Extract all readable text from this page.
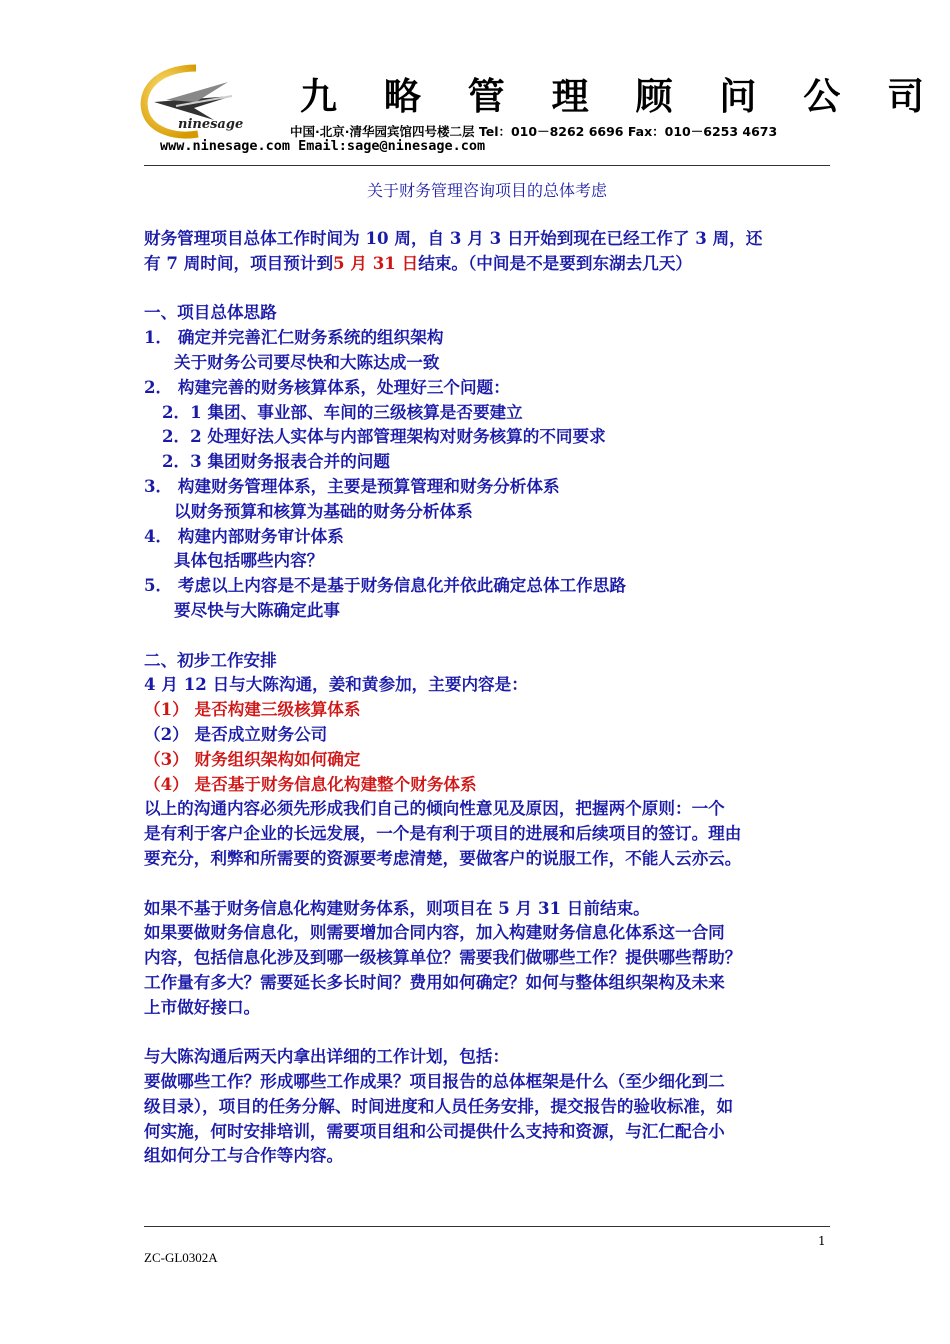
ninesage
九 略 管 理 顾 问 公 司
中国·北京·清华园宾馆四号楼二层 Tel：010－8262 6696 Fax：010－6253 4673
www.ninesage.com Email:sage@ninesage.com
关于财务管理咨询项目的总体考虑

财务管理项目总体工作时间为 10 周，自 3 月 3 日开始到现在已经工作了 3 周，还

有 7 周时间，项目预计到5 月 31 日结束。（中间是不是要到东湖去几天）

一、项目总体思路

1． 确定并完善汇仁财务系统的组织架构

关于财务公司要尽快和大陈达成一致

2． 构建完善的财务核算体系，处理好三个问题：

2．1 集团、事业部、车间的三级核算是否要建立

2．2 处理好法人实体与内部管理架构对财务核算的不同要求

2．3 集团财务报表合并的问题

3． 构建财务管理体系，主要是预算管理和财务分析体系

以财务预算和核算为基础的财务分析体系

4． 构建内部财务审计体系

具体包括哪些内容？

5． 考虑以上内容是不是基于财务信息化并依此确定总体工作思路

要尽快与大陈确定此事

二、初步工作安排

4 月 12 日与大陈沟通，姜和黄参加，主要内容是：

（1） 是否构建三级核算体系

（2） 是否成立财务公司

（3） 财务组织架构如何确定

（4） 是否基于财务信息化构建整个财务体系

以上的沟通内容必须先形成我们自己的倾向性意见及原因，把握两个原则：一个

是有利于客户企业的长远发展，一个是有利于项目的进展和后续项目的签订。理由

要充分，利弊和所需要的资源要考虑清楚，要做客户的说服工作，不能人云亦云。

如果不基于财务信息化构建财务体系，则项目在 5 月 31 日前结束。

如果要做财务信息化，则需要增加合同内容，加入构建财务信息化体系这一合同

内容，包括信息化涉及到哪一级核算单位？需要我们做哪些工作？提供哪些帮助？

工作量有多大？需要延长多长时间？费用如何确定？如何与整体组织架构及未来

上市做好接口。

与大陈沟通后两天内拿出详细的工作计划，包括：

要做哪些工作？形成哪些工作成果？项目报告的总体框架是什么（至少细化到二

级目录），项目的任务分解、时间进度和人员任务安排，提交报告的验收标准，如

何实施，何时安排培训，需要项目组和公司提供什么支持和资源，与汇仁配合小

组如何分工与合作等内容。

1
ZC-GL0302A
